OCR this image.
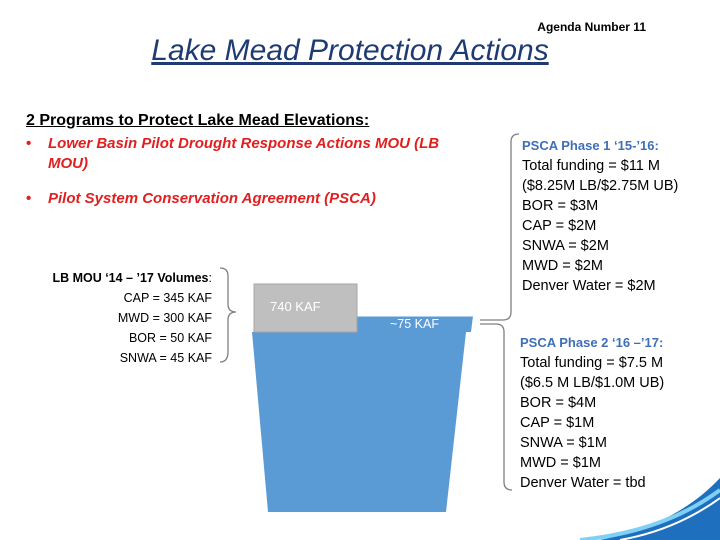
Agenda Number 11
Lake Mead Protection Actions
2 Programs to Protect Lake Mead Elevations:
• Lower Basin Pilot Drought Response Actions MOU (LB MOU)
• Pilot System Conservation Agreement (PSCA)
LB MOU ‘14 – ’17 Volumes:
CAP = 345 KAF
MWD = 300 KAF
BOR = 50 KAF
SNWA = 45 KAF
740 KAF
~75 KAF
PSCA Phase 1 ‘15-’16:
Total funding = $11 M
($8.25M LB/$2.75M UB)
BOR = $3M
CAP = $2M
SNWA = $2M
MWD = $2M
Denver Water = $2M
PSCA Phase 2 ‘16 –’17:
Total funding = $7.5 M
($6.5 M LB/$1.0M UB)
BOR = $4M
CAP = $1M
SNWA = $1M
MWD = $1M
Denver Water = tbd
